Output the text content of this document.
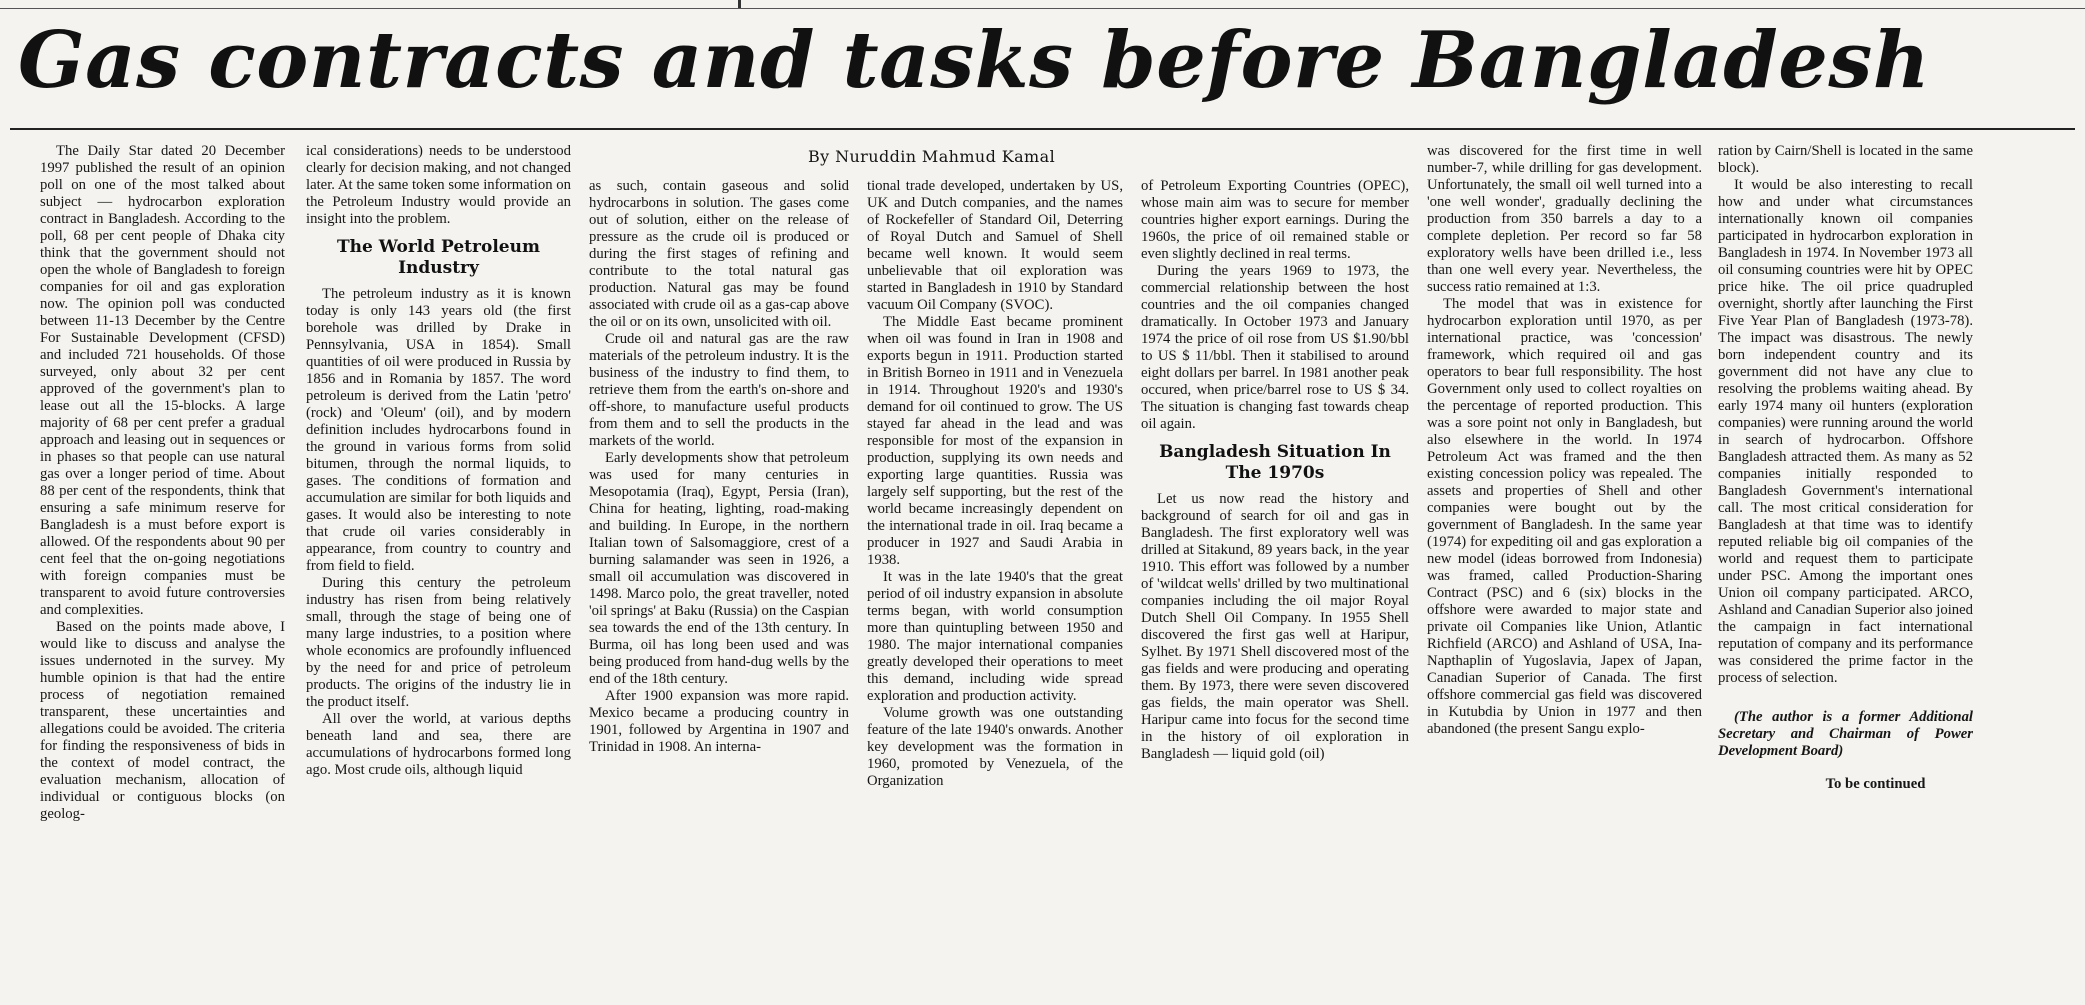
Gas contracts and tasks before Bangladesh
By Nuruddin Mahmud Kamal

The Daily Star dated 20 December 1997 published the result of an opinion poll on one of the most talked about subject — hydrocarbon exploration contract in Bangladesh. According to the poll, 68 per cent people of Dhaka city think that the government should not open the whole of Bangladesh to foreign companies for oil and gas exploration now. The opinion poll was conducted between 11-13 December by the Centre For Sustainable Development (CFSD) and included 721 households. Of those surveyed, only about 32 per cent approved of the government's plan to lease out all the 15-blocks. A large majority of 68 per cent prefer a gradual approach and leasing out in sequences or in phases so that people can use natural gas over a longer period of time. About 88 per cent of the respondents, think that ensuring a safe minimum reserve for Bangladesh is a must before export is allowed. Of the respondents about 90 per cent feel that the on-going negotiations with foreign companies must be transparent to avoid future controversies and complexities.

Based on the points made above, I would like to discuss and analyse the issues undernoted in the survey. My humble opinion is that had the entire process of negotiation remained transparent, these uncertainties and allegations could be avoided. The criteria for finding the responsiveness of bids in the context of model contract, the evaluation mechanism, allocation of individual or contiguous blocks (on geolog-

ical considerations) needs to be understood clearly for decision making, and not changed later. At the same token some information on the Petroleum Industry would provide an insight into the problem.

The World Petroleum Industry

The petroleum industry as it is known today is only 143 years old (the first borehole was drilled by Drake in Pennsylvania, USA in 1854). Small quantities of oil were produced in Russia by 1856 and in Romania by 1857. The word petroleum is derived from the Latin 'petro' (rock) and 'Oleum' (oil), and by modern definition includes hydrocarbons found in the ground in various forms from solid bitumen, through the normal liquids, to gases. The conditions of formation and accumulation are similar for both liquids and gases. It would also be interesting to note that crude oil varies considerably in appearance, from country to country and from field to field.

During this century the petroleum industry has risen from being relatively small, through the stage of being one of many large industries, to a position where whole economics are profoundly influenced by the need for and price of petroleum products. The origins of the industry lie in the product itself.

All over the world, at various depths beneath land and sea, there are accumulations of hydrocarbons formed long ago. Most crude oils, although liquid

as such, contain gaseous and solid hydrocarbons in solution. The gases come out of solution, either on the release of pressure as the crude oil is produced or during the first stages of refining and contribute to the total natural gas production. Natural gas may be found associated with crude oil as a gas-cap above the oil or on its own, unsolicited with oil.

Crude oil and natural gas are the raw materials of the petroleum industry. It is the business of the industry to find them, to retrieve them from the earth's on-shore and off-shore, to manufacture useful products from them and to sell the products in the markets of the world.

Early developments show that petroleum was used for many centuries in Mesopotamia (Iraq), Egypt, Persia (Iran), China for heating, lighting, road-making and building. In Europe, in the northern Italian town of Salsomaggiore, crest of a burning salamander was seen in 1926, a small oil accumulation was discovered in 1498. Marco polo, the great traveller, noted 'oil springs' at Baku (Russia) on the Caspian sea towards the end of the 13th century. In Burma, oil has long been used and was being produced from hand-dug wells by the end of the 18th century.

After 1900 expansion was more rapid. Mexico became a producing country in 1901, followed by Argentina in 1907 and Trinidad in 1908. An interna-

tional trade developed, undertaken by US, UK and Dutch companies, and the names of Rockefeller of Standard Oil, Deterring of Royal Dutch and Samuel of Shell became well known. It would seem unbelievable that oil exploration was started in Bangladesh in 1910 by Standard vacuum Oil Company (SVOC).

The Middle East became prominent when oil was found in Iran in 1908 and exports begun in 1911. Production started in British Borneo in 1911 and in Venezuela in 1914. Throughout 1920's and 1930's demand for oil continued to grow. The US stayed far ahead in the lead and was responsible for most of the expansion in production, supplying its own needs and exporting large quantities. Russia was largely self supporting, but the rest of the world became increasingly dependent on the international trade in oil. Iraq became a producer in 1927 and Saudi Arabia in 1938.

It was in the late 1940's that the great period of oil industry expansion in absolute terms began, with world consumption more than quintupling between 1950 and 1980. The major international companies greatly developed their operations to meet this demand, including wide spread exploration and production activity.

Volume growth was one outstanding feature of the late 1940's onwards. Another key development was the formation in 1960, promoted by Venezuela, of the Organization

of Petroleum Exporting Countries (OPEC), whose main aim was to secure for member countries higher export earnings. During the 1960s, the price of oil remained stable or even slightly declined in real terms.

During the years 1969 to 1973, the commercial relationship between the host countries and the oil companies changed dramatically. In October 1973 and January 1974 the price of oil rose from US $1.90/bbl to US $ 11/bbl. Then it stabilised to around eight dollars per barrel. In 1981 another peak occured, when price/barrel rose to US $ 34. The situation is changing fast towards cheap oil again.

Bangladesh Situation In The 1970s

Let us now read the history and background of search for oil and gas in Bangladesh. The first exploratory well was drilled at Sitakund, 89 years back, in the year 1910. This effort was followed by a number of 'wildcat wells' drilled by two multinational companies including the oil major Royal Dutch Shell Oil Company. In 1955 Shell discovered the first gas well at Haripur, Sylhet. By 1971 Shell discovered most of the gas fields and were producing and operating them. By 1973, there were seven discovered gas fields, the main operator was Shell. Haripur came into focus for the second time in the history of oil exploration in Bangladesh — liquid gold (oil)

was discovered for the first time in well number-7, while drilling for gas development. Unfortunately, the small oil well turned into a 'one well wonder', gradually declining the production from 350 barrels a day to a complete depletion. Per record so far 58 exploratory wells have been drilled i.e., less than one well every year. Nevertheless, the success ratio remained at 1:3.

The model that was in existence for hydrocarbon exploration until 1970, as per international practice, was 'concession' framework, which required oil and gas operators to bear full responsibility. The host Government only used to collect royalties on the percentage of reported production. This was a sore point not only in Bangladesh, but also elsewhere in the world. In 1974 Petroleum Act was framed and the then existing concession policy was repealed. The assets and properties of Shell and other companies were bought out by the government of Bangladesh. In the same year (1974) for expediting oil and gas exploration a new model (ideas borrowed from Indonesia) was framed, called Production-Sharing Contract (PSC) and 6 (six) blocks in the offshore were awarded to major state and private oil Companies like Union, Atlantic Richfield (ARCO) and Ashland of USA, Ina-Napthaplin of Yugoslavia, Japex of Japan, Canadian Superior of Canada. The first offshore commercial gas field was discovered in Kutubdia by Union in 1977 and then abandoned (the present Sangu explo-

ration by Cairn/Shell is located in the same block).

It would be also interesting to recall how and under what circumstances internationally known oil companies participated in hydrocarbon exploration in Bangladesh in 1974. In November 1973 all oil consuming countries were hit by OPEC price hike. The oil price quadrupled overnight, shortly after launching the First Five Year Plan of Bangladesh (1973-78). The impact was disastrous. The newly born independent country and its government did not have any clue to resolving the problems waiting ahead. By early 1974 many oil hunters (exploration companies) were running around the world in search of hydrocarbon. Offshore Bangladesh attracted them. As many as 52 companies initially responded to Bangladesh Government's international call. The most critical consideration for Bangladesh at that time was to identify reputed reliable big oil companies of the world and request them to participate under PSC. Among the important ones Union oil company participated. ARCO, Ashland and Canadian Superior also joined the campaign in fact international reputation of company and its performance was considered the prime factor in the process of selection.

(The author is a former Additional Secretary and Chairman of Power Development Board)

To be continued
